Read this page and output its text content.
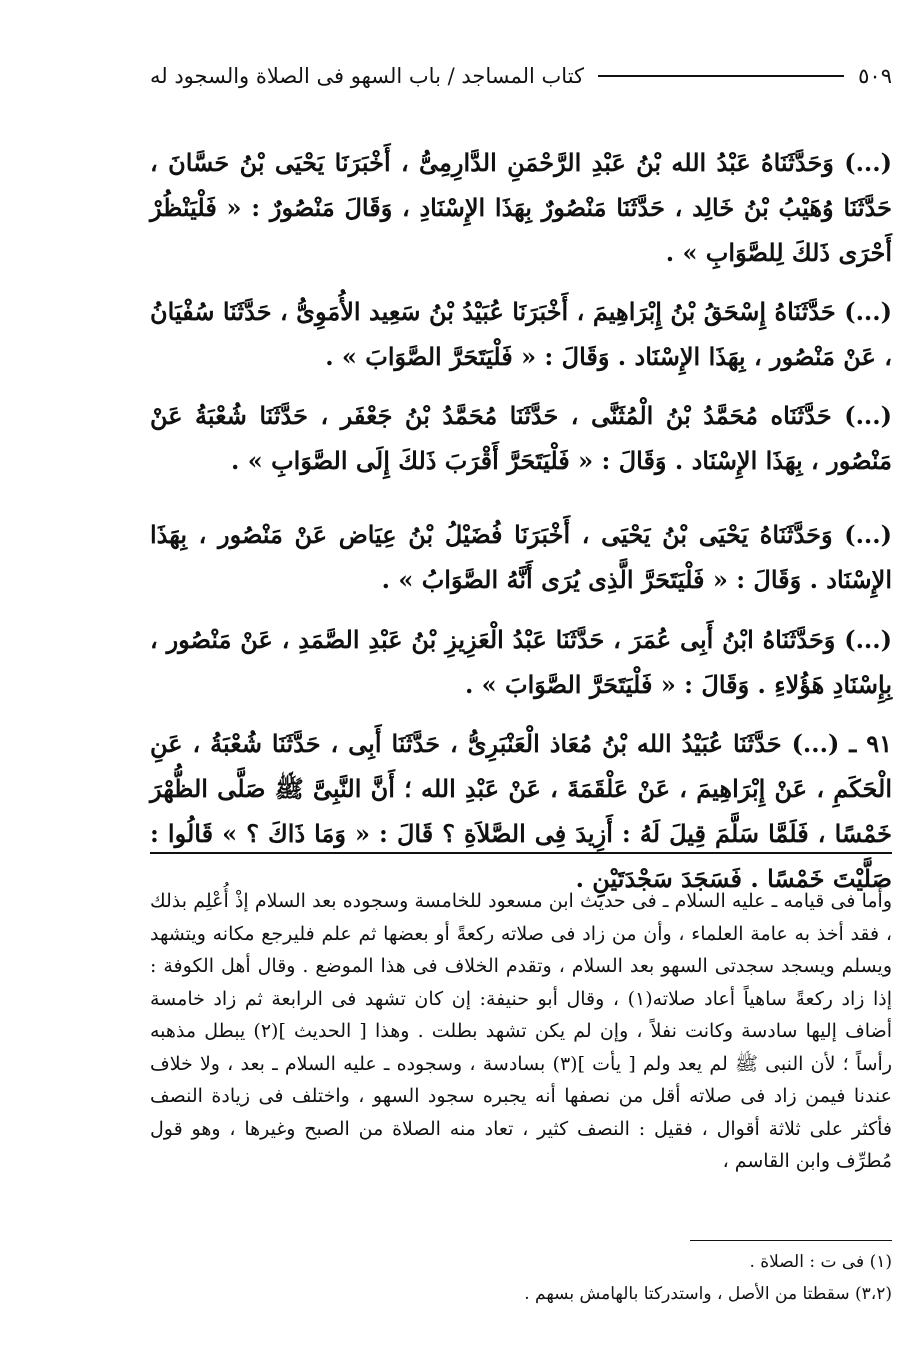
كتاب المساجد / باب السهو فى الصلاة والسجود له	٥٠٩

(...) وَحَدَّثَنَاهُ عَبْدُ الله بْنُ عَبْدِ الرَّحْمَنِ الدَّارِمِىُّ ، أَخْبَرَنَا يَحْيَى بْنُ حَسَّانَ ، حَدَّثَنَا وُهَيْبُ بْنُ خَالِد ، حَدَّثَنَا مَنْصُورٌ بِهَذَا الإِسْنَادِ ، وَقَالَ مَنْصُورٌ : « فَلْيَنْظُرْ أَحْرَى ذَلكَ لِلصَّوَابِ » .

(...) حَدَّثَنَاهُ إِسْحَقُ بْنُ إِبْرَاهِيمَ ، أَخْبَرَنَا عُبَيْدُ بْنُ سَعِيد الأُمَوِىُّ ، حَدَّثَنَا سُفْيَانُ ، عَنْ مَنْصُور ، بِهَذَا الإِسْنَاد . وَقَالَ : « فَلْيَتَحَرَّ الصَّوَابَ » .

(...) حَدَّثَنَاه مُحَمَّدُ بْنُ الْمُثَنَّى ، حَدَّثَنَا مُحَمَّدُ بْنُ جَعْفَر ، حَدَّثَنَا شُعْبَةُ عَنْ مَنْصُور ، بِهَذَا الإِسْنَاد . وَقَالَ : « فَلْيَتَحَرَّ أَقْرَبَ ذَلكَ إِلَى الصَّوَابِ » .

(...) وَحَدَّثَنَاهُ يَحْيَى بْنُ يَحْيَى ، أَخْبَرَنَا فُضَيْلُ بْنُ عِيَاض عَنْ مَنْصُور ، بِهَذَا الإِسْنَاد . وَقَالَ : « فَلْيَتَحَرَّ الَّذِى يُرَى أَنَّهُ الصَّوَابُ » .

(...) وَحَدَّثَنَاهُ ابْنُ أَبِى عُمَرَ ، حَدَّثَنَا عَبْدُ الْعَزِيزِ بْنُ عَبْدِ الصَّمَدِ ، عَنْ مَنْصُور ، بِإِسْنَادِ هَؤُلاءِ . وَقَالَ : « فَلْيَتَحَرَّ الصَّوَابَ » .

٩١ ـ (...) حَدَّثَنَا عُبَيْدُ الله بْنُ مُعَاذ الْعَنْبَرِىُّ ، حَدَّثَنَا أَبِى ، حَدَّثَنَا شُعْبَةُ ، عَنِ الْحَكَمِ ، عَنْ إِبْرَاهِيمَ ، عَنْ عَلْقَمَةَ ، عَنْ عَبْدِ الله ؛ أَنَّ النَّبِىَّ ﷺ صَلَّى الظُّهْرَ خَمْسًا ، فَلَمَّا سَلَّمَ قِيلَ لَهُ : أَزِيدَ فِى الصَّلاَةِ ؟ قَالَ : « وَمَا ذَاكَ ؟ » قَالُوا : صَلَّيْتَ خَمْسًا . فَسَجَدَ سَجْدَتَيْنِ .

وأما فى قيامه ـ عليه السلام ـ فى حديث ابن مسعود للخامسة وسجوده بعد السلام إذْ أُعْلِم بذلك ، فقد أخذ به عامة العلماء ، وأن من زاد فى صلاته ركعةً أو بعضها ثم علم فليرجع مكانه ويتشهد ويسلم ويسجد سجدتى السهو بعد السلام ، وتقدم الخلاف فى هذا الموضع . وقال أهل الكوفة : إذا زاد ركعةً ساهياً أعاد صلاته(١) ، وقال أبو حنيفة: إن كان تشهد فى الرابعة ثم زاد خامسة أضاف إليها سادسة وكانت نفلاً ، وإن لم يكن تشهد بطلت . وهذا [ الحديث ](٢) يبطل مذهبه رأساً ؛ لأن النبى ﷺ لم يعد ولم [ يأت ](٣) بسادسة ، وسجوده ـ عليه السلام ـ بعد ، ولا خلاف عندنا فيمن زاد فى صلاته أقل من نصفها أنه يجبره سجود السهو ، واختلف فى زيادة النصف فأكثر على ثلاثة أقوال ، فقيل : النصف كثير ، تعاد منه الصلاة من الصبح وغيرها ، وهو قول مُطرِّف وابن القاسم ،

(١) فى ت : الصلاة .
(٣،٢) سقطتا من الأصل ، واستدركتا بالهامش بسهم .
